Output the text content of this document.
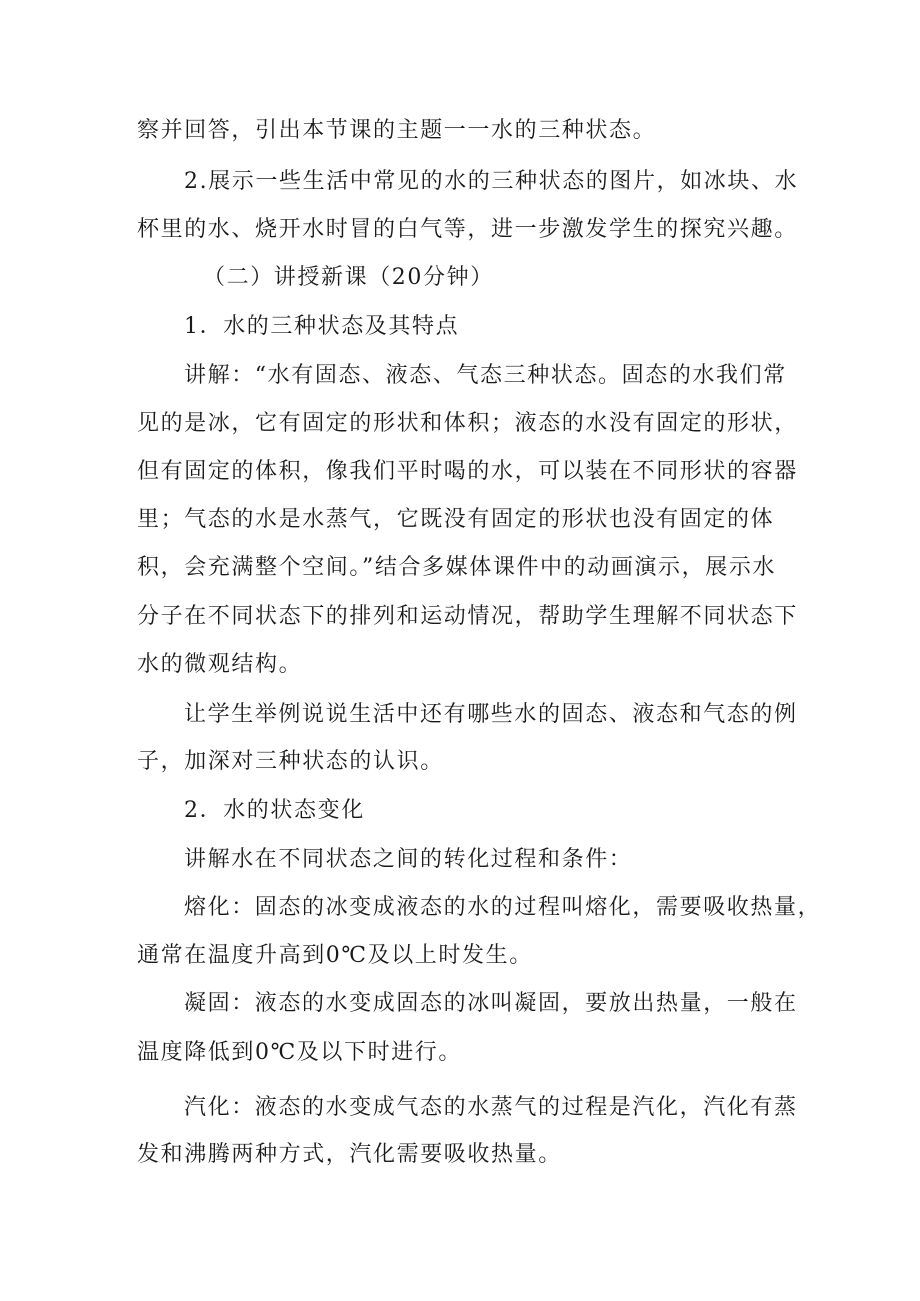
察并回答，引出本节课的主题一一水的三种状态。
2.展示一些生活中常见的水的三种状态的图片，如冰块、水
杯里的水、烧开水时冒的白气等，进一步激发学生的探究兴趣。
（二）讲授新课（20分钟）
1．水的三种状态及其特点
讲解：“水有固态、液态、气态三种状态。固态的水我们常
见的是冰，它有固定的形状和体积；液态的水没有固定的形状，
但有固定的体积，像我们平时喝的水，可以装在不同形状的容器
里；气态的水是水蒸气，它既没有固定的形状也没有固定的体
积，会充满整个空间。”结合多媒体课件中的动画演示，展示水
分子在不同状态下的排列和运动情况，帮助学生理解不同状态下
水的微观结构。
让学生举例说说生活中还有哪些水的固态、液态和气态的例
子，加深对三种状态的认识。
2．水的状态变化
讲解水在不同状态之间的转化过程和条件：
熔化：固态的冰变成液态的水的过程叫熔化，需要吸收热量，
通常在温度升高到0℃及以上时发生。
凝固：液态的水变成固态的冰叫凝固，要放出热量，一般在
温度降低到0℃及以下时进行。
汽化：液态的水变成气态的水蒸气的过程是汽化，汽化有蒸
发和沸腾两种方式，汽化需要吸收热量。
